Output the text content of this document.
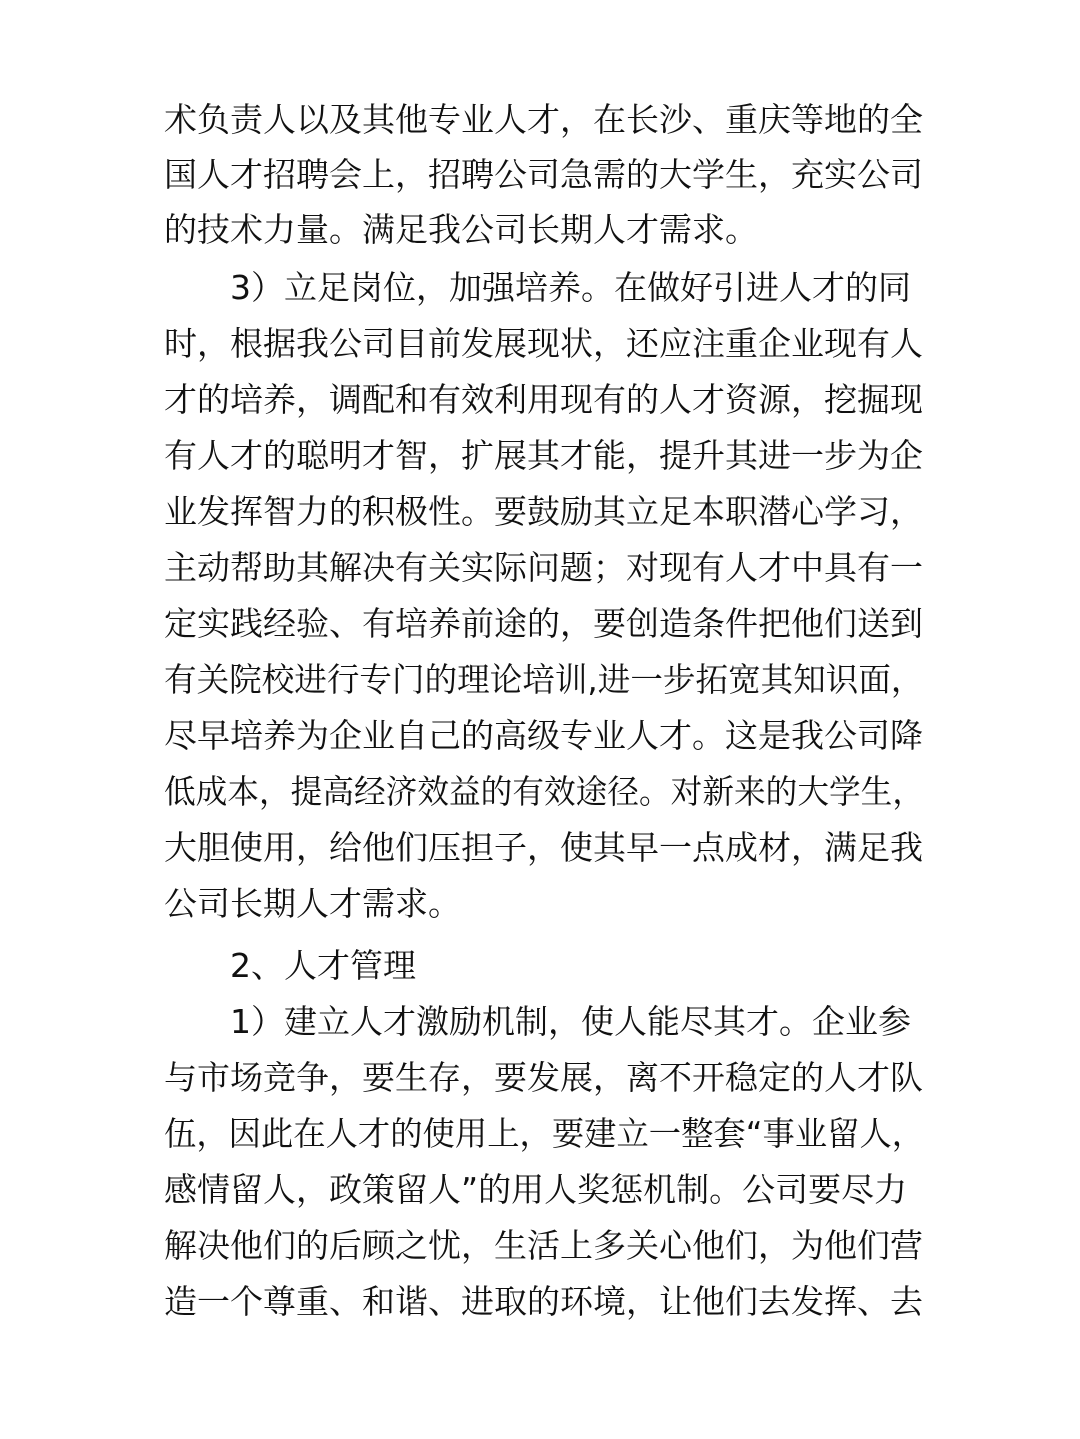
术负责人以及其他专业人才，在长沙、重庆等地的全

国人才招聘会上，招聘公司急需的大学生，充实公司

的技术力量。满足我公司长期人才需求。

3）立足岗位，加强培养。在做好引进人才的同

时，根据我公司目前发展现状，还应注重企业现有人

才的培养，调配和有效利用现有的人才资源，挖掘现

有人才的聪明才智，扩展其才能，提升其进一步为企

业发挥智力的积极性。要鼓励其立足本职潜心学习，

主动帮助其解决有关实际问题；对现有人才中具有一

定实践经验、有培养前途的，要创造条件把他们送到

有关院校进行专门的理论培训,进一步拓宽其知识面，

尽早培养为企业自己的高级专业人才。这是我公司降

低成本，提高经济效益的有效途径。对新来的大学生，

大胆使用，给他们压担子，使其早一点成材，满足我

公司长期人才需求。

2、人才管理

1）建立人才激励机制，使人能尽其才。企业参

与市场竞争，要生存，要发展，离不开稳定的人才队

伍，因此在人才的使用上，要建立一整套“事业留人，

感情留人，政策留人”的用人奖惩机制。公司要尽力

解决他们的后顾之忧，生活上多关心他们，为他们营

造一个尊重、和谐、进取的环境，让他们去发挥、去
